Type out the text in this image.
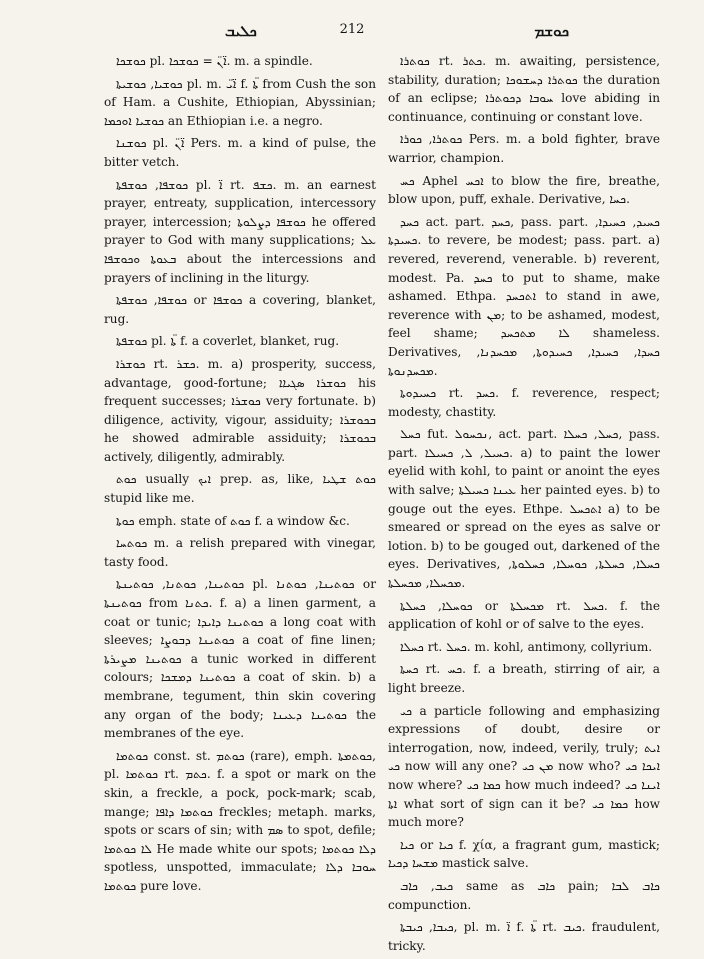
ܟܠܝܒ	212	ܟܘܫܡ

ܟܘܫܟܐ pl. ܐ̈ܢ̈ = ܟܘܫܟܐ. m. a spindle.

ܟܘܫܝܐ, ܟܘܫܝܬܐ pl. m. ܐ̈ܝ̈ f. ܬ̈ܐ from Cush the son of Ham. a Cushite, Ethiopian, Abyssinian; ܟܘܫܝܐ ܐܘܟܡܐ an Ethiopian i.e. a negro.

ܟܘܫܢܐ pl. ܐ̈ܢ̈ Pers. m. a kind of pulse, the bitter vetch.

ܟܘܫܦܐ, ܟܘܫܦܬܐ pl. ܐ̈ rt. ܟܫܦ. m. an earnest prayer, entreaty, supplication, intercessory prayer, intercession; ܟܘܫܦܐ ܕܨܠܘܬܐ he offered prayer to God with many supplications; ܥܠ ܒܥܘܬܐ ܘܟܘܫܦܐ about the intercessions and prayers of inclining in the liturgy.

ܟܘܫܦܐ, ܟܘܫܦܬܐ or ܟܘܫܦܐ a covering, blanket, rug.

ܟܘܫܦܬܐ pl. ܬ̈ܐ f. a coverlet, blanket, rug.

ܟܘܫܪܐ rt. ܟܫܪ. m. a) prosperity, success, advantage, good-fortune; ܟܘܫܪܐ ܣܓܝܐܐ his frequent successes; ܟܘܫܪܐ very fortunate. b) diligence, activity, vigour, assiduity; ܒܟܘܫܪܐ he showed admirable assiduity; ܒܟܘܫܪܐ actively, diligently, admirably.

ܟܘܬ usually ܐܝܟ prep. as, like, ܟܘܬ ܫܛܝܐ stupid like me.

ܟܘܬܐ emph. state of ܟܘܬ f. a window &c.

ܟܘܬܚܐ m. a relish prepared with vinegar, tasty food.

ܟܘܬܝܢܐ, ܟܘܬܢܐ, ܟܘܬܝܢܬܐ pl. ܟܘܬܝܢܐ, ܟܘܬܢܐ or ܟܘܬܝܢܬܐ from ܟܬܢܐ. f. a) a linen garment, a coat or tunic; ܟܘܬܝܢܐ ܕܐܝܕܐ a long coat with sleeves; ܟܘܬܝܢܐ ܕܒܘܨܐ a coat of fine linen; ܟܘܬܝܢܐ ܡܨܝܪܬܐ a tunic worked in different colours; ܟܘܬܝܢܐ ܕܡܫܟܐ a coat of skin. b) a membrane, tegument, thin skin covering any organ of the body; ܟܘܬܝܢܐ ܕܥܝܢܐ the membranes of the eye.

ܟܘܬܡܐ const. st. ܟܘܬܡ (rare), emph. ܟܘܬܡܬܐ, pl. ܟܘܬܡܐ rt. ܟܬܡ. f. a spot or mark on the skin, a freckle, a pock, pock-mark; scab, mange; ܟܘܬܡܐ ܕܐܦܐ freckles; metaph. marks, spots or scars of sin; with ܣܡ to spot, defile; ܠܐ ܟܘܬܡܐ He made white our spots; ܕܠܐ ܟܘܬܡܐ spotless, unspotted, immaculate; ܚܘܒܐ ܕܠܐ ܟܘܬܡܐ pure love.

ܟܘܬܪܐ rt. ܟܬܪ. m. awaiting, persistence, stability, duration; ܟܘܬܪܐ ܕܚܫܘܟܐ the duration of an eclipse; ܚܘܒܐ ܕܟܘܬܪܐ love abiding in continuance, continuing or constant love.

ܟܘܬܪܐ, ܟܘܪܐ Pers. m. a bold fighter, brave warrior, champion.

ܟܚ Aphel ܐܟܚ to blow the fire, breathe, blow upon, puff, exhale. Derivative, ܟܚܐ.

ܟܚܕ act. part. ܟܚܕ, pass. part. ܟܚܝܕ, ܟܚܝܕܐ, ܟܚܝܕܬܐ. to revere, be modest; pass. part. a) revered, reverend, venerable. b) reverent, modest. Pa. ܟܚܕ to put to shame, make ashamed. Ethpa. ܐܬܟܚܕ to stand in awe, reverence with ܡܢ; to be ashamed, modest, feel shame; ܠܐ ܡܬܟܚܕ shameless. Derivatives, ܟܚܕܐ, ܟܚܝܕܐ, ܟܚܝܕܘܬܐ, ܡܟܚܕܢܐ, ܡܟܚܕܢܘܬܐ.

ܟܚܝܕܘܬܐ rt. ܟܚܕ. f. reverence, respect; modesty, chastity.

ܟܚܠ fut. ܢܟܚܘܠ, act. part. ܟܚܠ, ܟܚܠܐ, pass. part. ܟܚܝܠ, ܠ, ܟܚܝܠܐ. a) to paint the lower eyelid with kohl, to paint or anoint the eyes with salve; ܥܝܢܐ ܟܚܝܠܬܐ her painted eyes. b) to gouge out the eyes. Ethpe. ܐܬܟܚܠ a) to be smeared or spread on the eyes as salve or lotion. b) to be gouged out, darkened of the eyes. Derivatives, ܟܚܠܐ, ܟܚܠܬܐ, ܟܘܚܠܐ, ܟܚܠܘܬܐ, ܡܟܚܠܐ, ܡܟܚܠܬܐ.

ܟܘܚܠܐ, ܟܚܠܬܐ or ܡܟܚܠܬܐ rt. ܟܚܠ. f. the application of kohl or of salve to the eyes.

ܟܚܠܐ rt. ܟܚܠ. m. kohl, antimony, collyrium.

ܟܚܬܐ rt. ܟܚ. f. a breath, stirring of air, a light breeze.

ܟܝ a particle following and emphasizing expressions of doubt, desire or interrogation, now, indeed, verily, truly; ܐܝܬ ܟܝ now will any one? ܡܢ ܟܝ now who? ܐܝܟܐ ܟܝ now where? ܟܡܐ ܟܝ how much indeed? ܐܝܢܐ ܟܝ ܐܬܐ what sort of sign can it be? ܟܡܐ ܟܝ how much more?

ܟܝܐ or ܟܝܐ f. χία, a fragrant gum, mastick; ܡܫܚܐ ܕܟܝܐ mastick salve.

ܟܝܒ, ܟܐܒ same as ܟܐܒ pain; ܟܐܒ ܠܒܐ compunction.

ܟܝܒܐ, ܟܝܒܬܐ, pl. m. ܐ̈ f. ܬ̈ܐ rt. ܟܝܒ. fraudulent, tricky.
